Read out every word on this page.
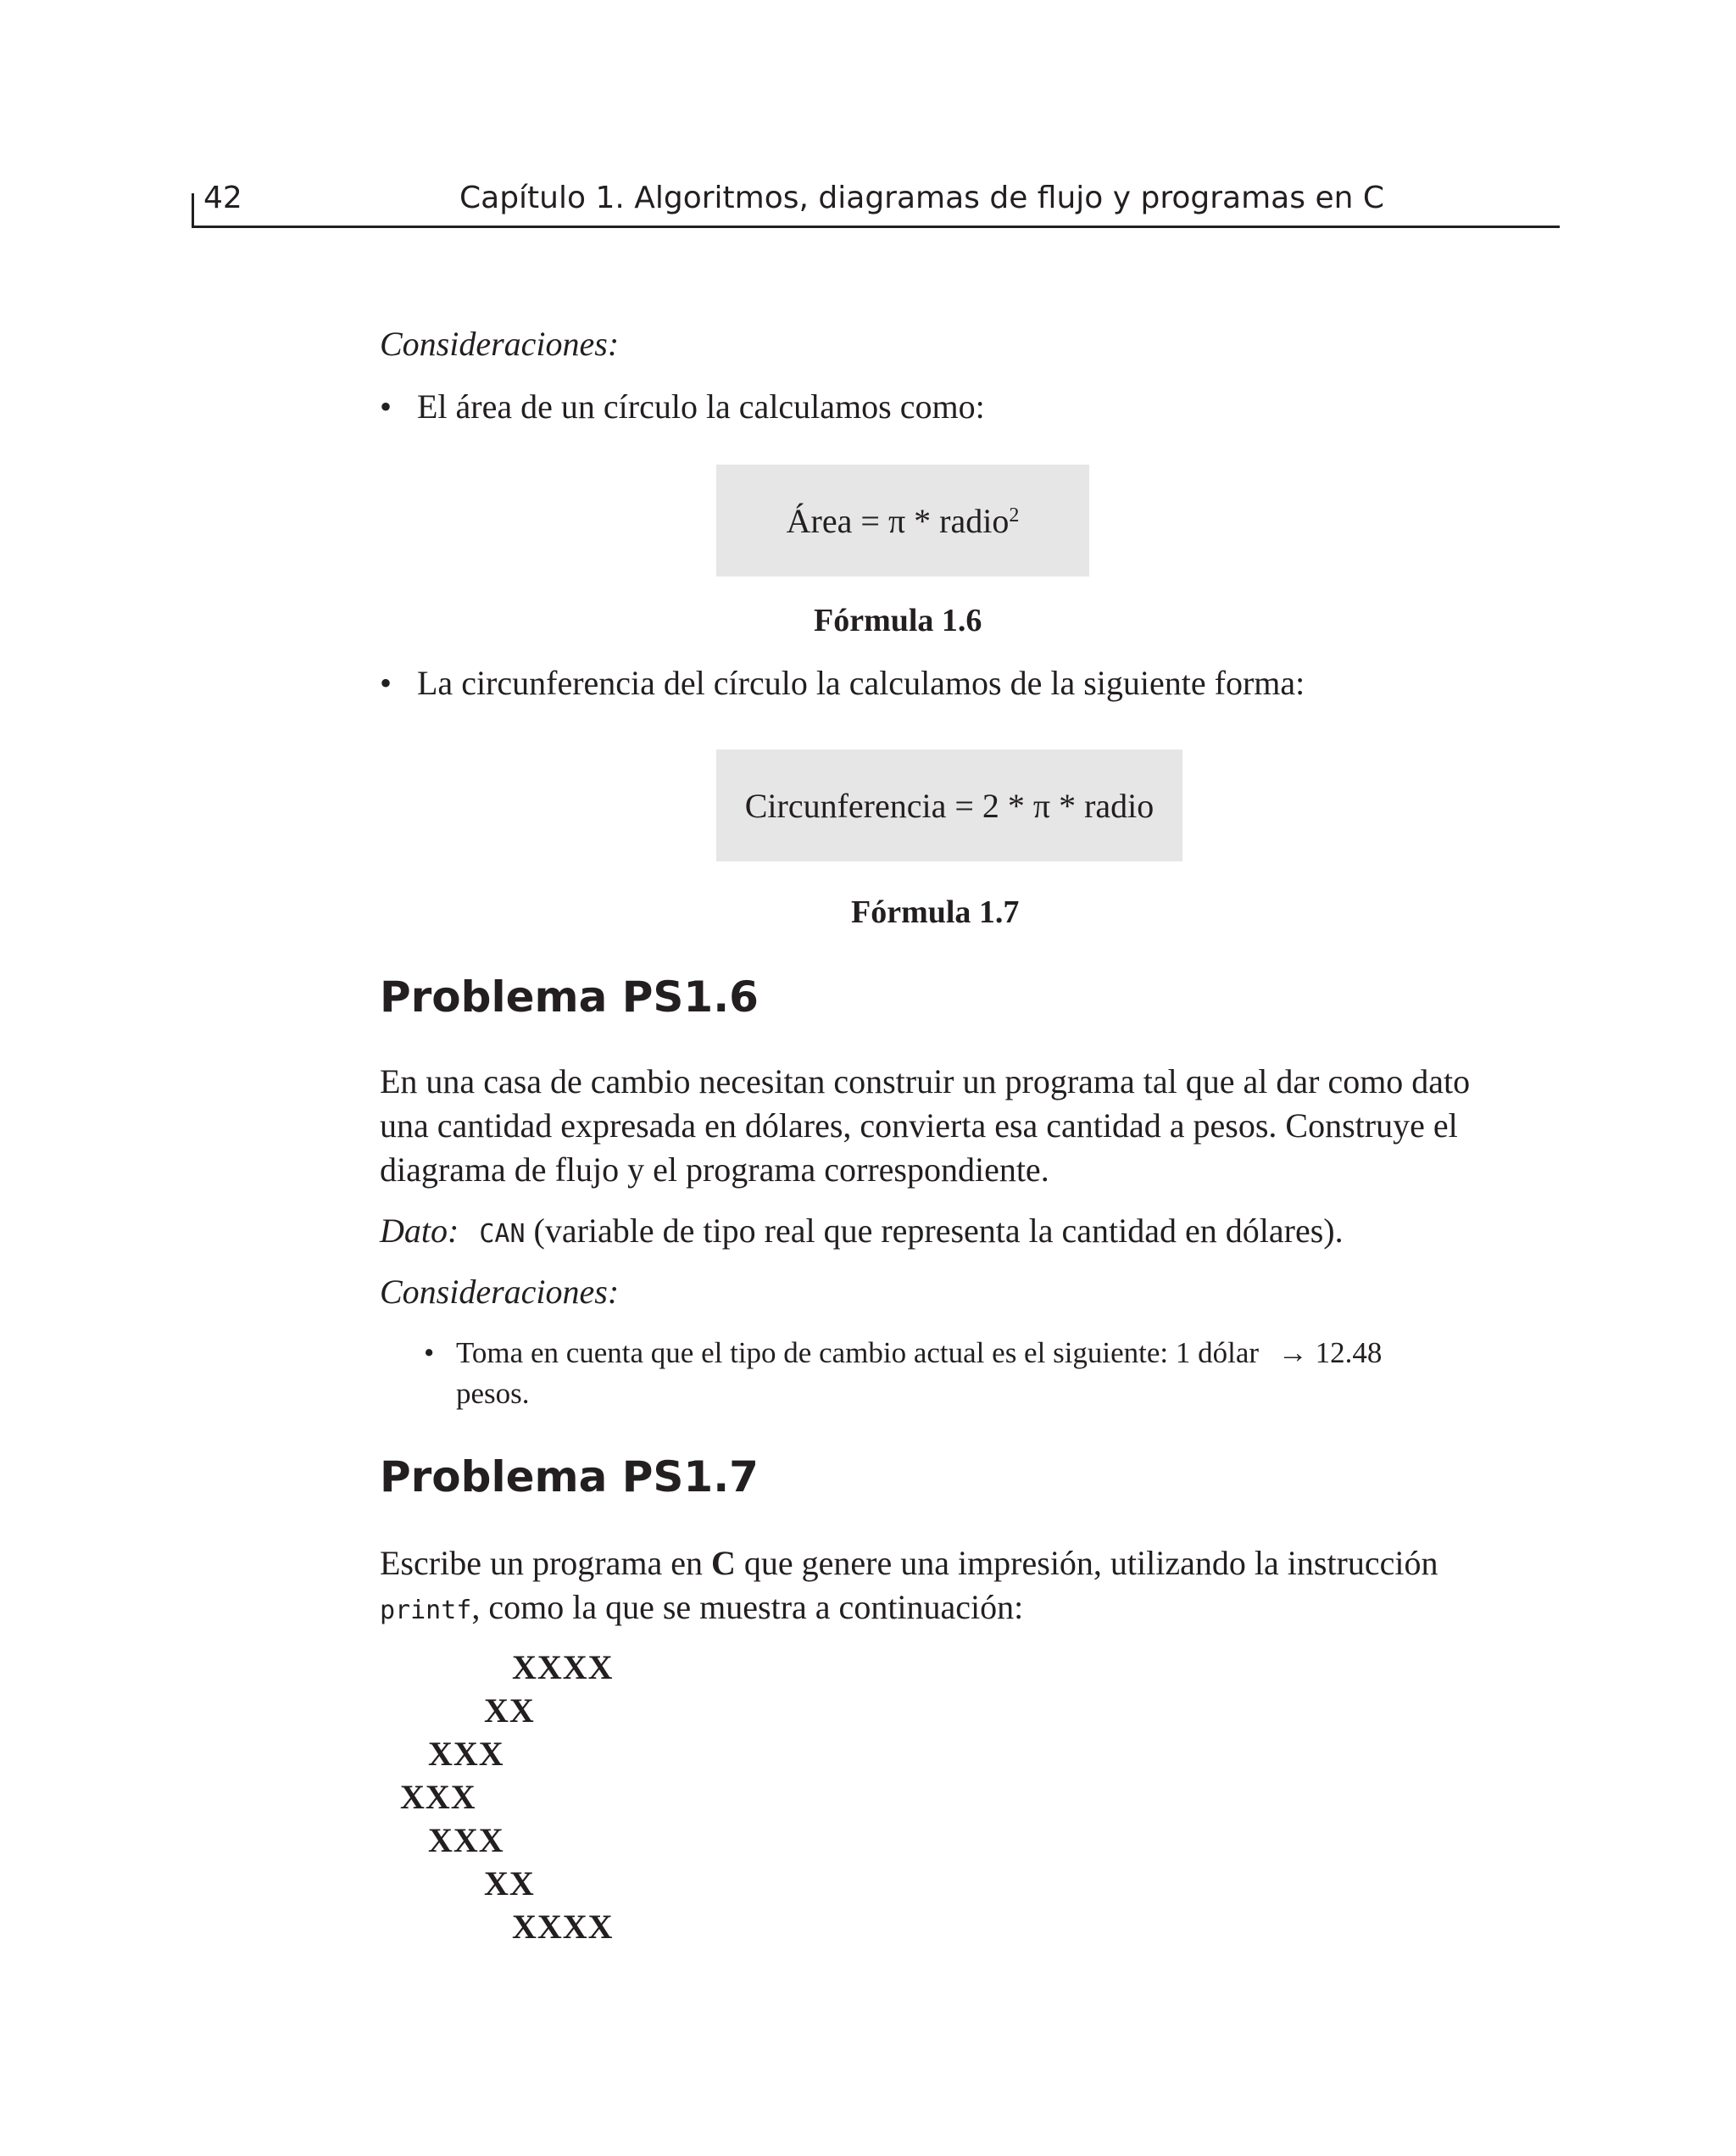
42	Capítulo 1. Algoritmos, diagramas de flujo y programas en C
Consideraciones:
• El área de un círculo la calculamos como:
Área = π * radio$^2$
Fórmula 1.6
• La circunferencia del círculo la calculamos de la siguiente forma:
Circunferencia = 2 * π * radio
Fórmula 1.7
Problema PS1.6
En una casa de cambio necesitan construir un programa tal que al dar como dato
una cantidad expresada en dólares, convierta esa cantidad a pesos. Construye el
diagrama de flujo y el programa correspondiente.
Dato: CAN (variable de tipo real que representa la cantidad en dólares).
Consideraciones:
• Toma en cuenta que el tipo de cambio actual es el siguiente: 1 dólar → 12.48
pesos.
Problema PS1.7
Escribe un programa en C que genere una impresión, utilizando la instrucción
printf, como la que se muestra a continuación:
XXXX
XX
XXX
XXX
XXX
XX
XXXX
